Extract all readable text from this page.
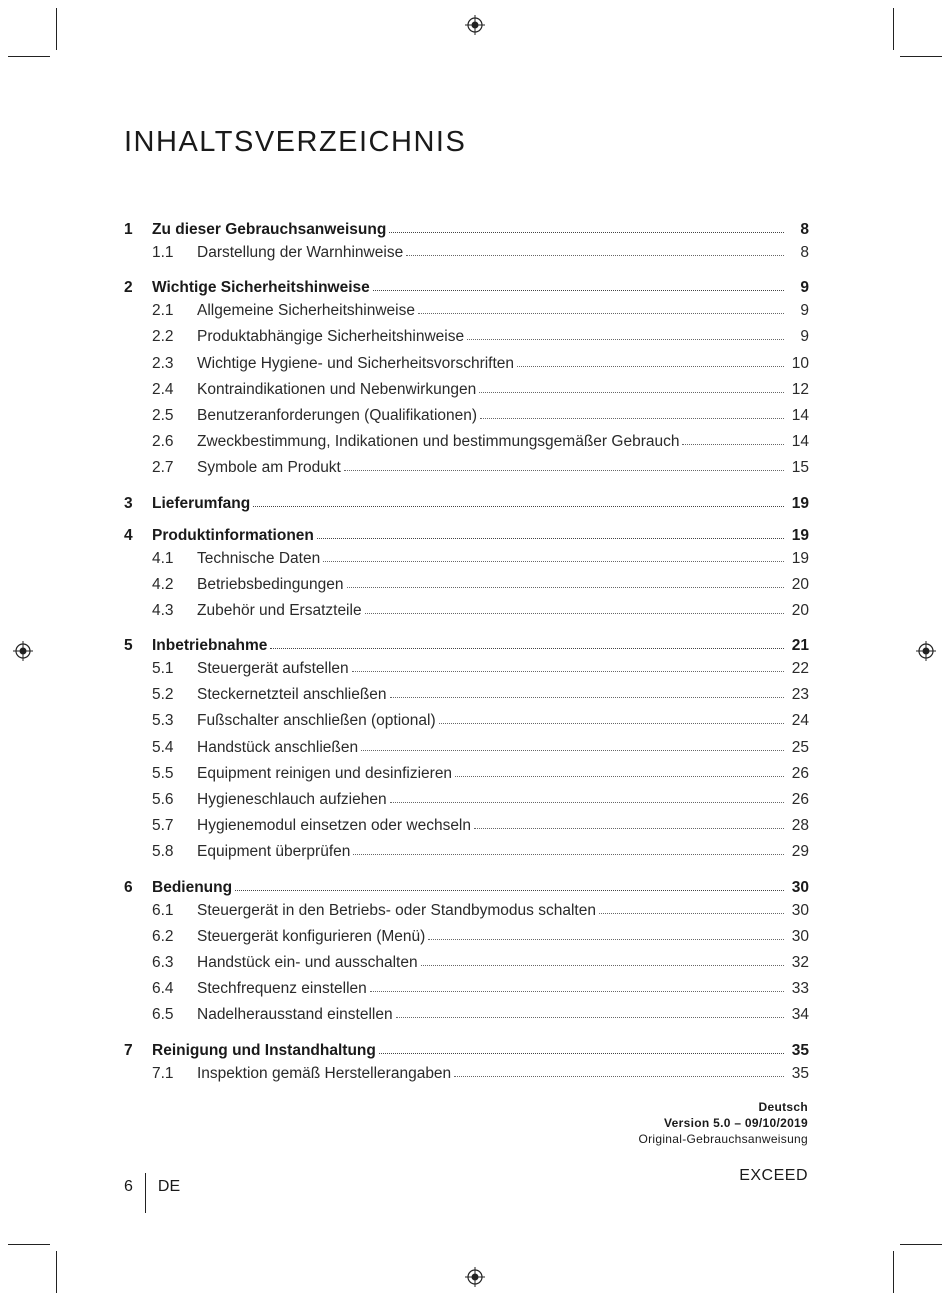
INHALTSVERZEICHNIS
1	Zu dieser Gebrauchsanweisung	8
1.1	Darstellung der Warnhinweise	8
2	Wichtige Sicherheitshinweise	9
2.1	Allgemeine Sicherheitshinweise	9
2.2	Produktabhängige Sicherheitshinweise	9
2.3	Wichtige Hygiene- und Sicherheitsvorschriften	10
2.4	Kontraindikationen und Nebenwirkungen	12
2.5	Benutzeranforderungen (Qualifikationen)	14
2.6	Zweckbestimmung, Indikationen und bestimmungsgemäßer Gebrauch	14
2.7	Symbole am Produkt	15
3	Lieferumfang	19
4	Produktinformationen	19
4.1	Technische Daten	19
4.2	Betriebsbedingungen	20
4.3	Zubehör und Ersatzteile	20
5	Inbetriebnahme	21
5.1	Steuergerät aufstellen	22
5.2	Steckernetzteil anschließen	23
5.3	Fußschalter anschließen (optional)	24
5.4	Handstück anschließen	25
5.5	Equipment reinigen und desinfizieren	26
5.6	Hygieneschlauch aufziehen	26
5.7	Hygienemodul einsetzen oder wechseln	28
5.8	Equipment überprüfen	29
6	Bedienung	30
6.1	Steuergerät in den Betriebs- oder Standbymodus schalten	30
6.2	Steuergerät konfigurieren (Menü)	30
6.3	Handstück ein- und ausschalten	32
6.4	Stechfrequenz einstellen	33
6.5	Nadelherausstand einstellen	34
7	Reinigung und Instandhaltung	35
7.1	Inspektion gemäß Herstellerangaben	35
Deutsch
Version 5.0 – 09/10/2019
Original-Gebrauchsanweisung
6 DE
EXCEED
